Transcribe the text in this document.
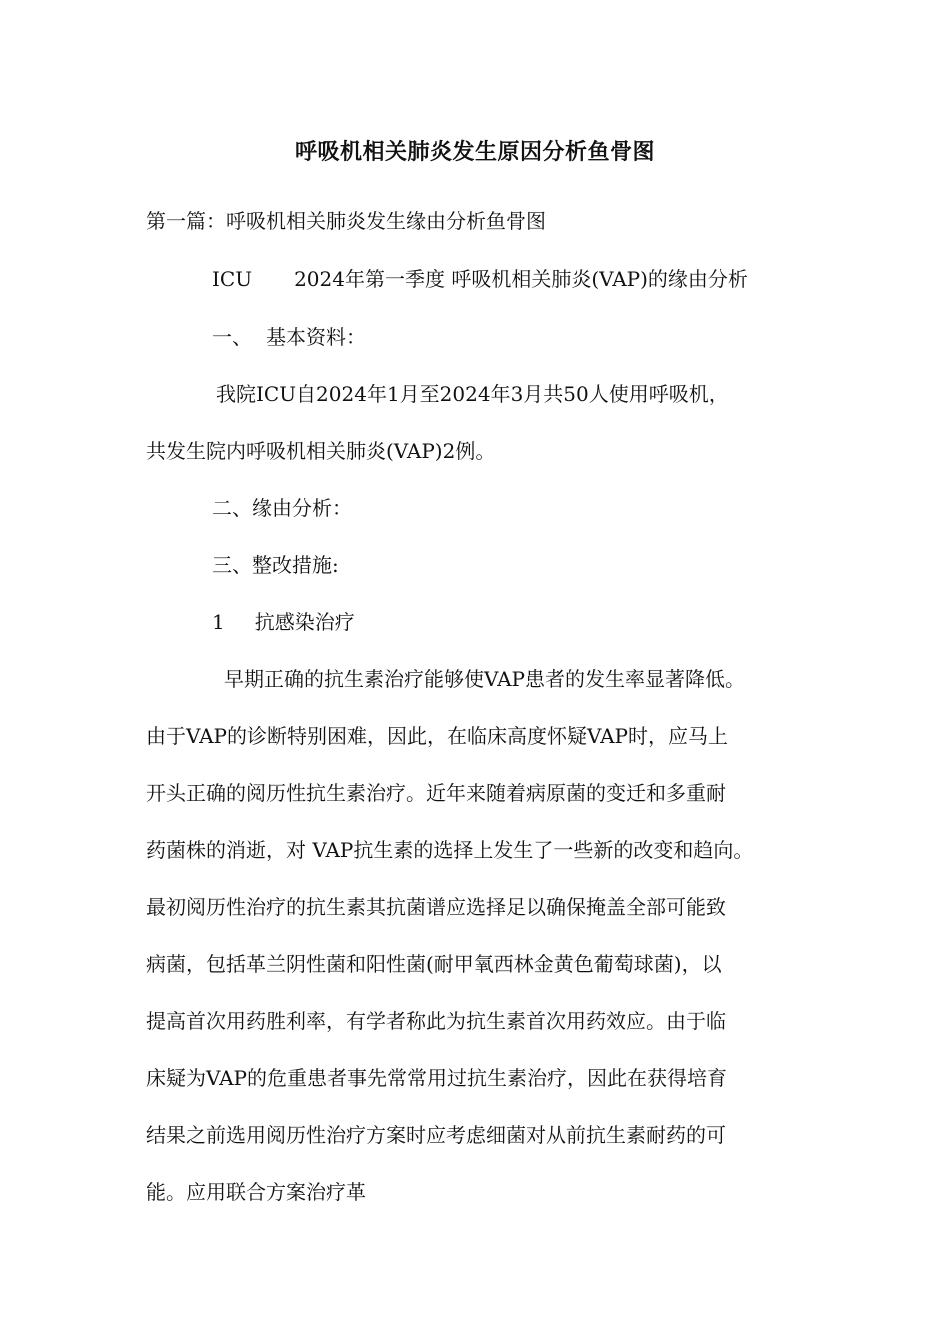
呼吸机相关肺炎发生原因分析鱼骨图
第一篇：呼吸机相关肺炎发生缘由分析鱼骨图
ICU 2024年第一季度 呼吸机相关肺炎(VAP)的缘由分析
一、 基本资料：
我院ICU自2024年1月至2024年3月共50人使用呼吸机，
共发生院内呼吸机相关肺炎(VAP)2例。
二、缘由分析：
三、整改措施:
1 抗感染治疗
早期正确的抗生素治疗能够使VAP患者的发生率显著降低。
由于VAP的诊断特别困难，因此，在临床高度怀疑VAP时，应马上
开头正确的阅历性抗生素治疗。近年来随着病原菌的变迁和多重耐
药菌株的消逝，对 VAP抗生素的选择上发生了一些新的改变和趋向。
最初阅历性治疗的抗生素其抗菌谱应选择足以确保掩盖全部可能致
病菌，包括革兰阴性菌和阳性菌(耐甲氧西林金黄色葡萄球菌)，以
提高首次用药胜利率，有学者称此为抗生素首次用药效应。由于临
床疑为VAP的危重患者事先常常用过抗生素治疗，因此在获得培育
结果之前选用阅历性治疗方案时应考虑细菌对从前抗生素耐药的可
能。应用联合方案治疗革
